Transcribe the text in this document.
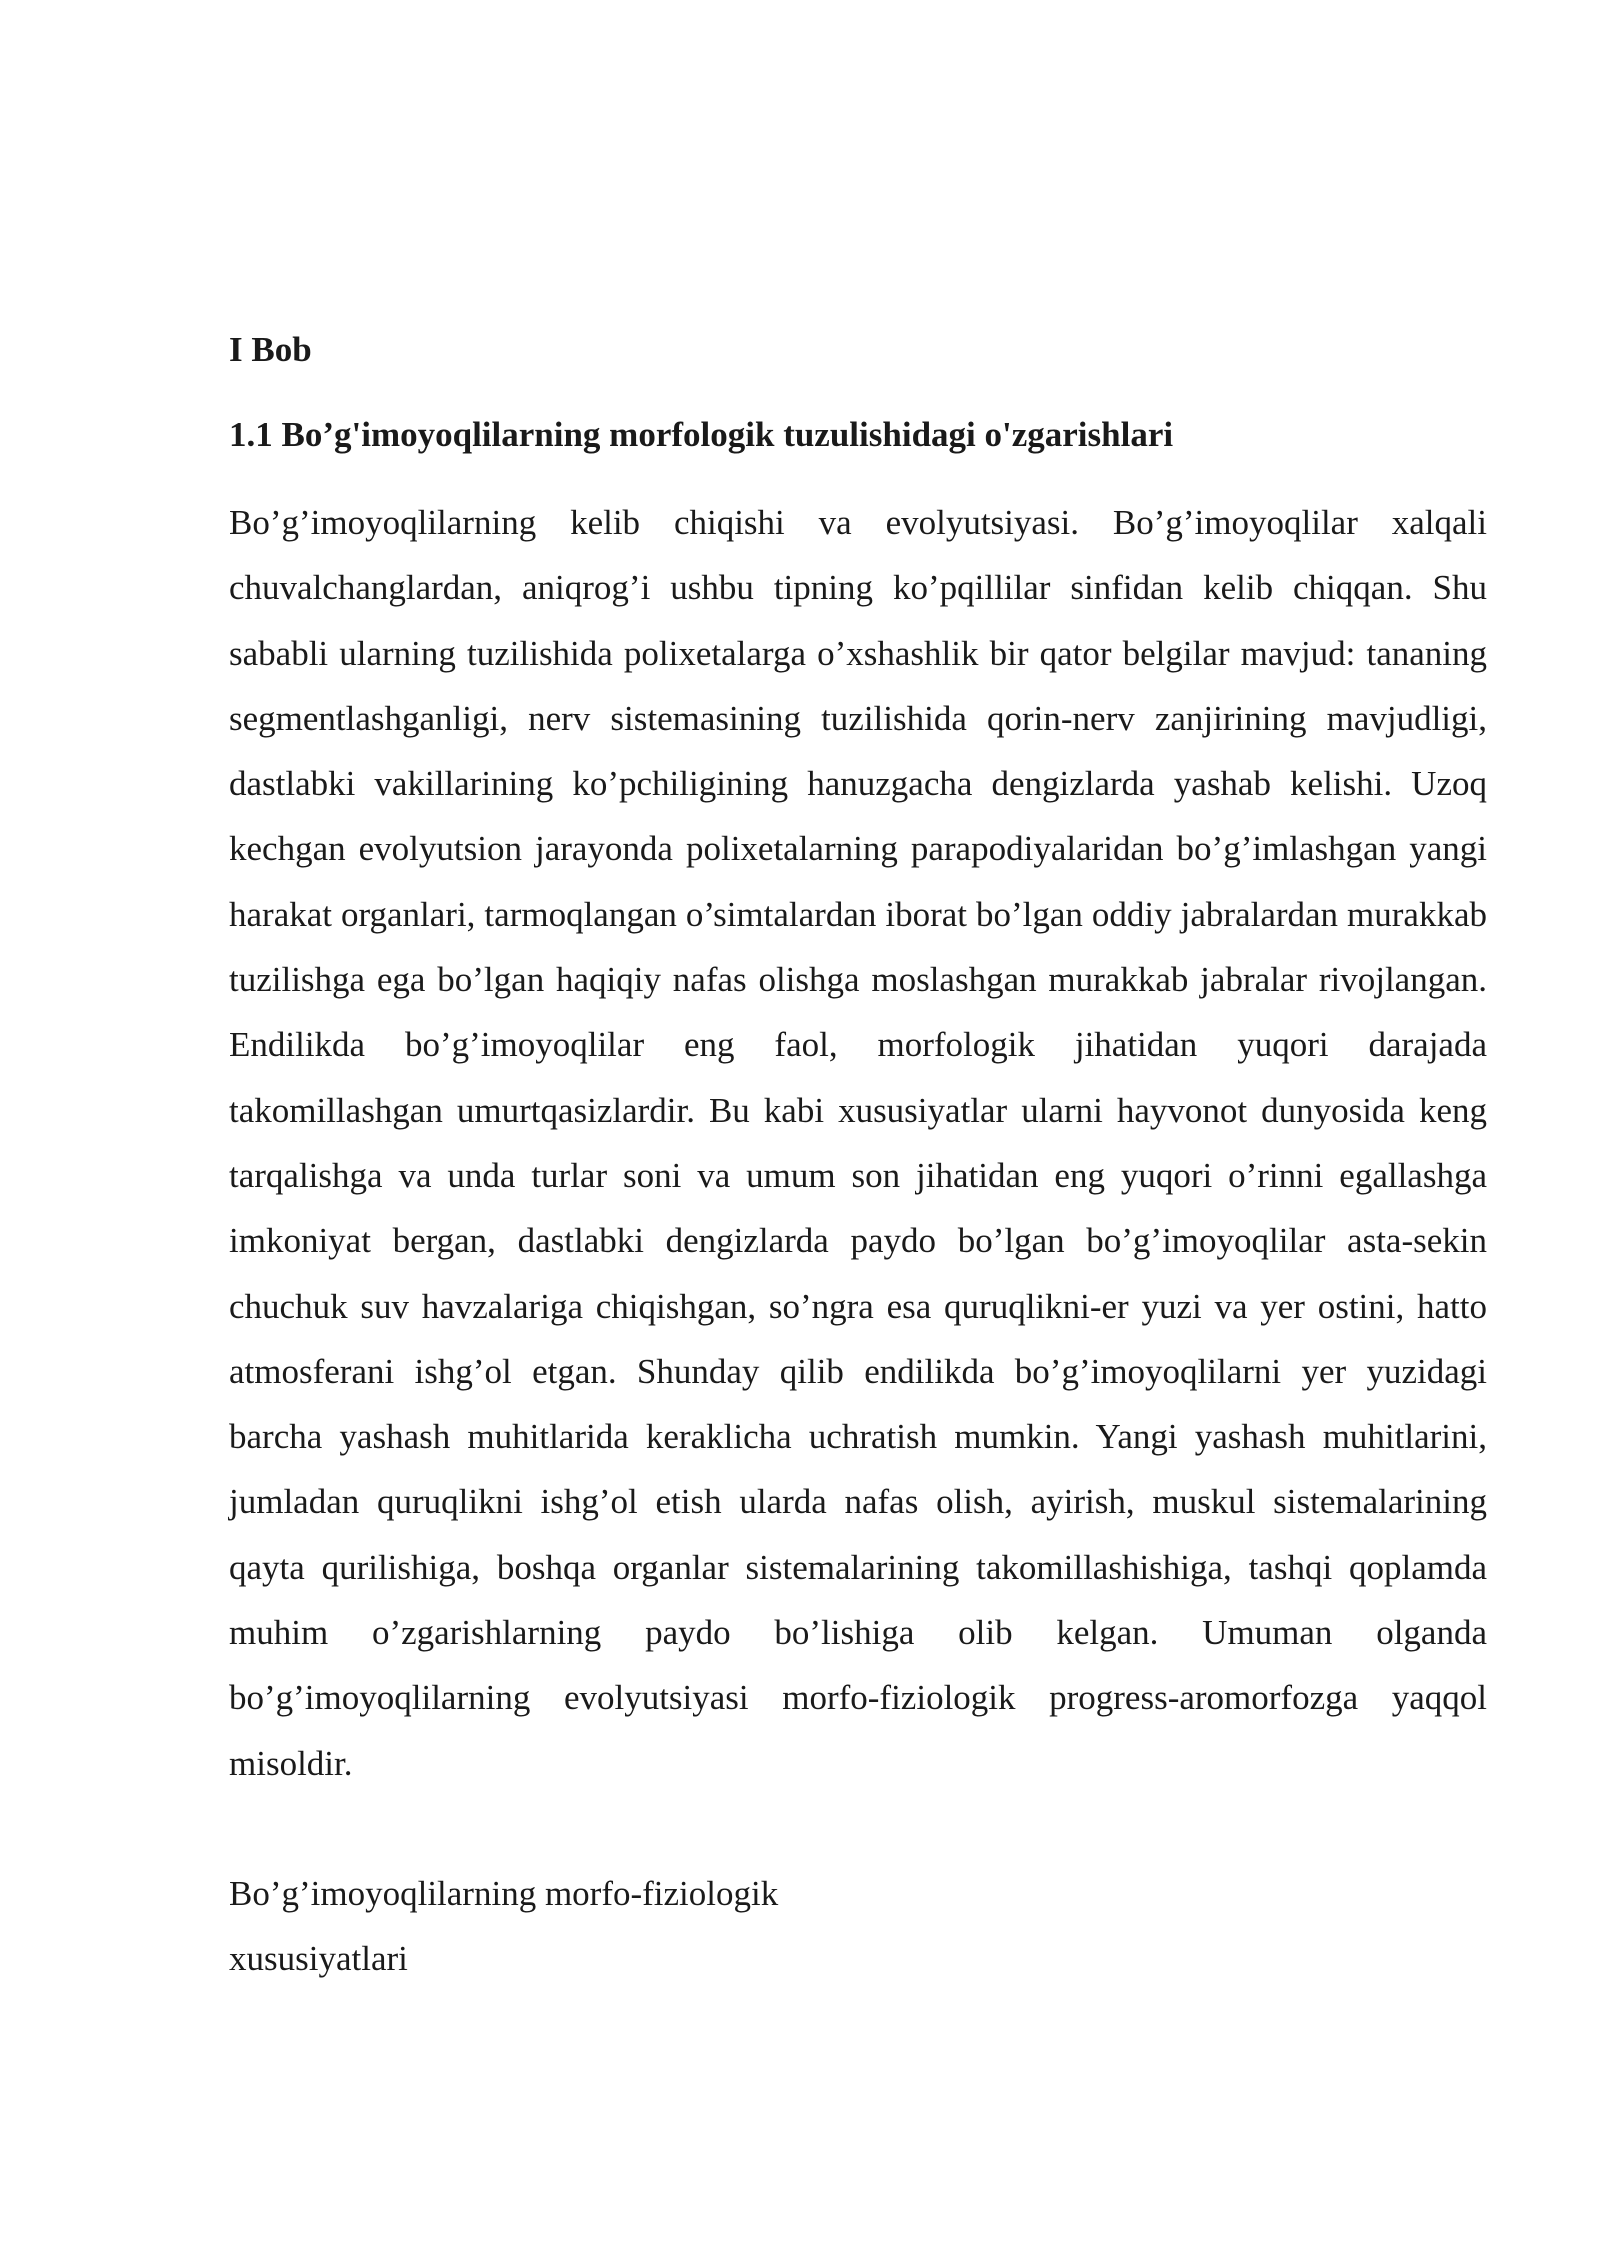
I Bob
1.1 Bo’g'imoyoqlilarning morfologik tuzulishidagi o'zgarishlari

Bo’g’imoyoqlilarning kelib chiqishi va evolyutsiyasi. Bo’g’imoyoqlilar xalqali chuvalchanglardan, aniqrog’i ushbu tipning ko’pqillilar sinfidan kelib chiqqan. Shu sababli ularning tuzilishida polixetalarga o’xshashlik bir qator belgilar mavjud: tananing segmentlashganligi, nerv sistemasining tuzilishida qorin-nerv zanjirining mavjudligi, dastlabki vakillarining ko’pchiligining hanuzgacha dengizlarda yashab kelishi. Uzoq kechgan evolyutsion jarayonda polixetalarning parapodiyalaridan bo’g’imlashgan yangi harakat organlari, tarmoqlangan o’simtalardan iborat bo’lgan oddiy jabralardan murakkab tuzilishga ega bo’lgan haqiqiy nafas olishga moslashgan murakkab jabralar rivojlangan. Endilikda bo’g’imoyoqlilar eng faol, morfologik jihatidan yuqori darajada takomillashgan umurtqasizlardir. Bu kabi xususiyatlar ularni hayvonot dunyosida keng tarqalishga va unda turlar soni va umum son jihatidan eng yuqori o’rinni egallashga imkoniyat bergan, dastlabki dengizlarda paydo bo’lgan bo’g’imoyoqlilar asta-sekin chuchuk suv havzalariga chiqishgan, so’ngra esa quruqlikni-er yuzi va yer ostini, hatto atmosferani ishg’ol etgan. Shunday qilib endilikda bo’g’imoyoqlilarni yer yuzidagi barcha yashash muhitlarida keraklicha uchratish mumkin. Yangi yashash muhitlarini, jumladan quruqlikni ishg’ol etish ularda nafas olish, ayirish, muskul sistemalarining qayta qurilishiga, boshqa organlar sistemalarining takomillashishiga, tashqi qoplamda muhim o’zgarishlarning paydo bo’lishiga olib kelgan. Umuman olganda bo’g’imoyoqlilarning evolyutsiyasi morfo-fiziologik progress-aromorfozga yaqqol misoldir.

Bo’g’imoyoqlilarning morfo-fiziologik
xususiyatlari
